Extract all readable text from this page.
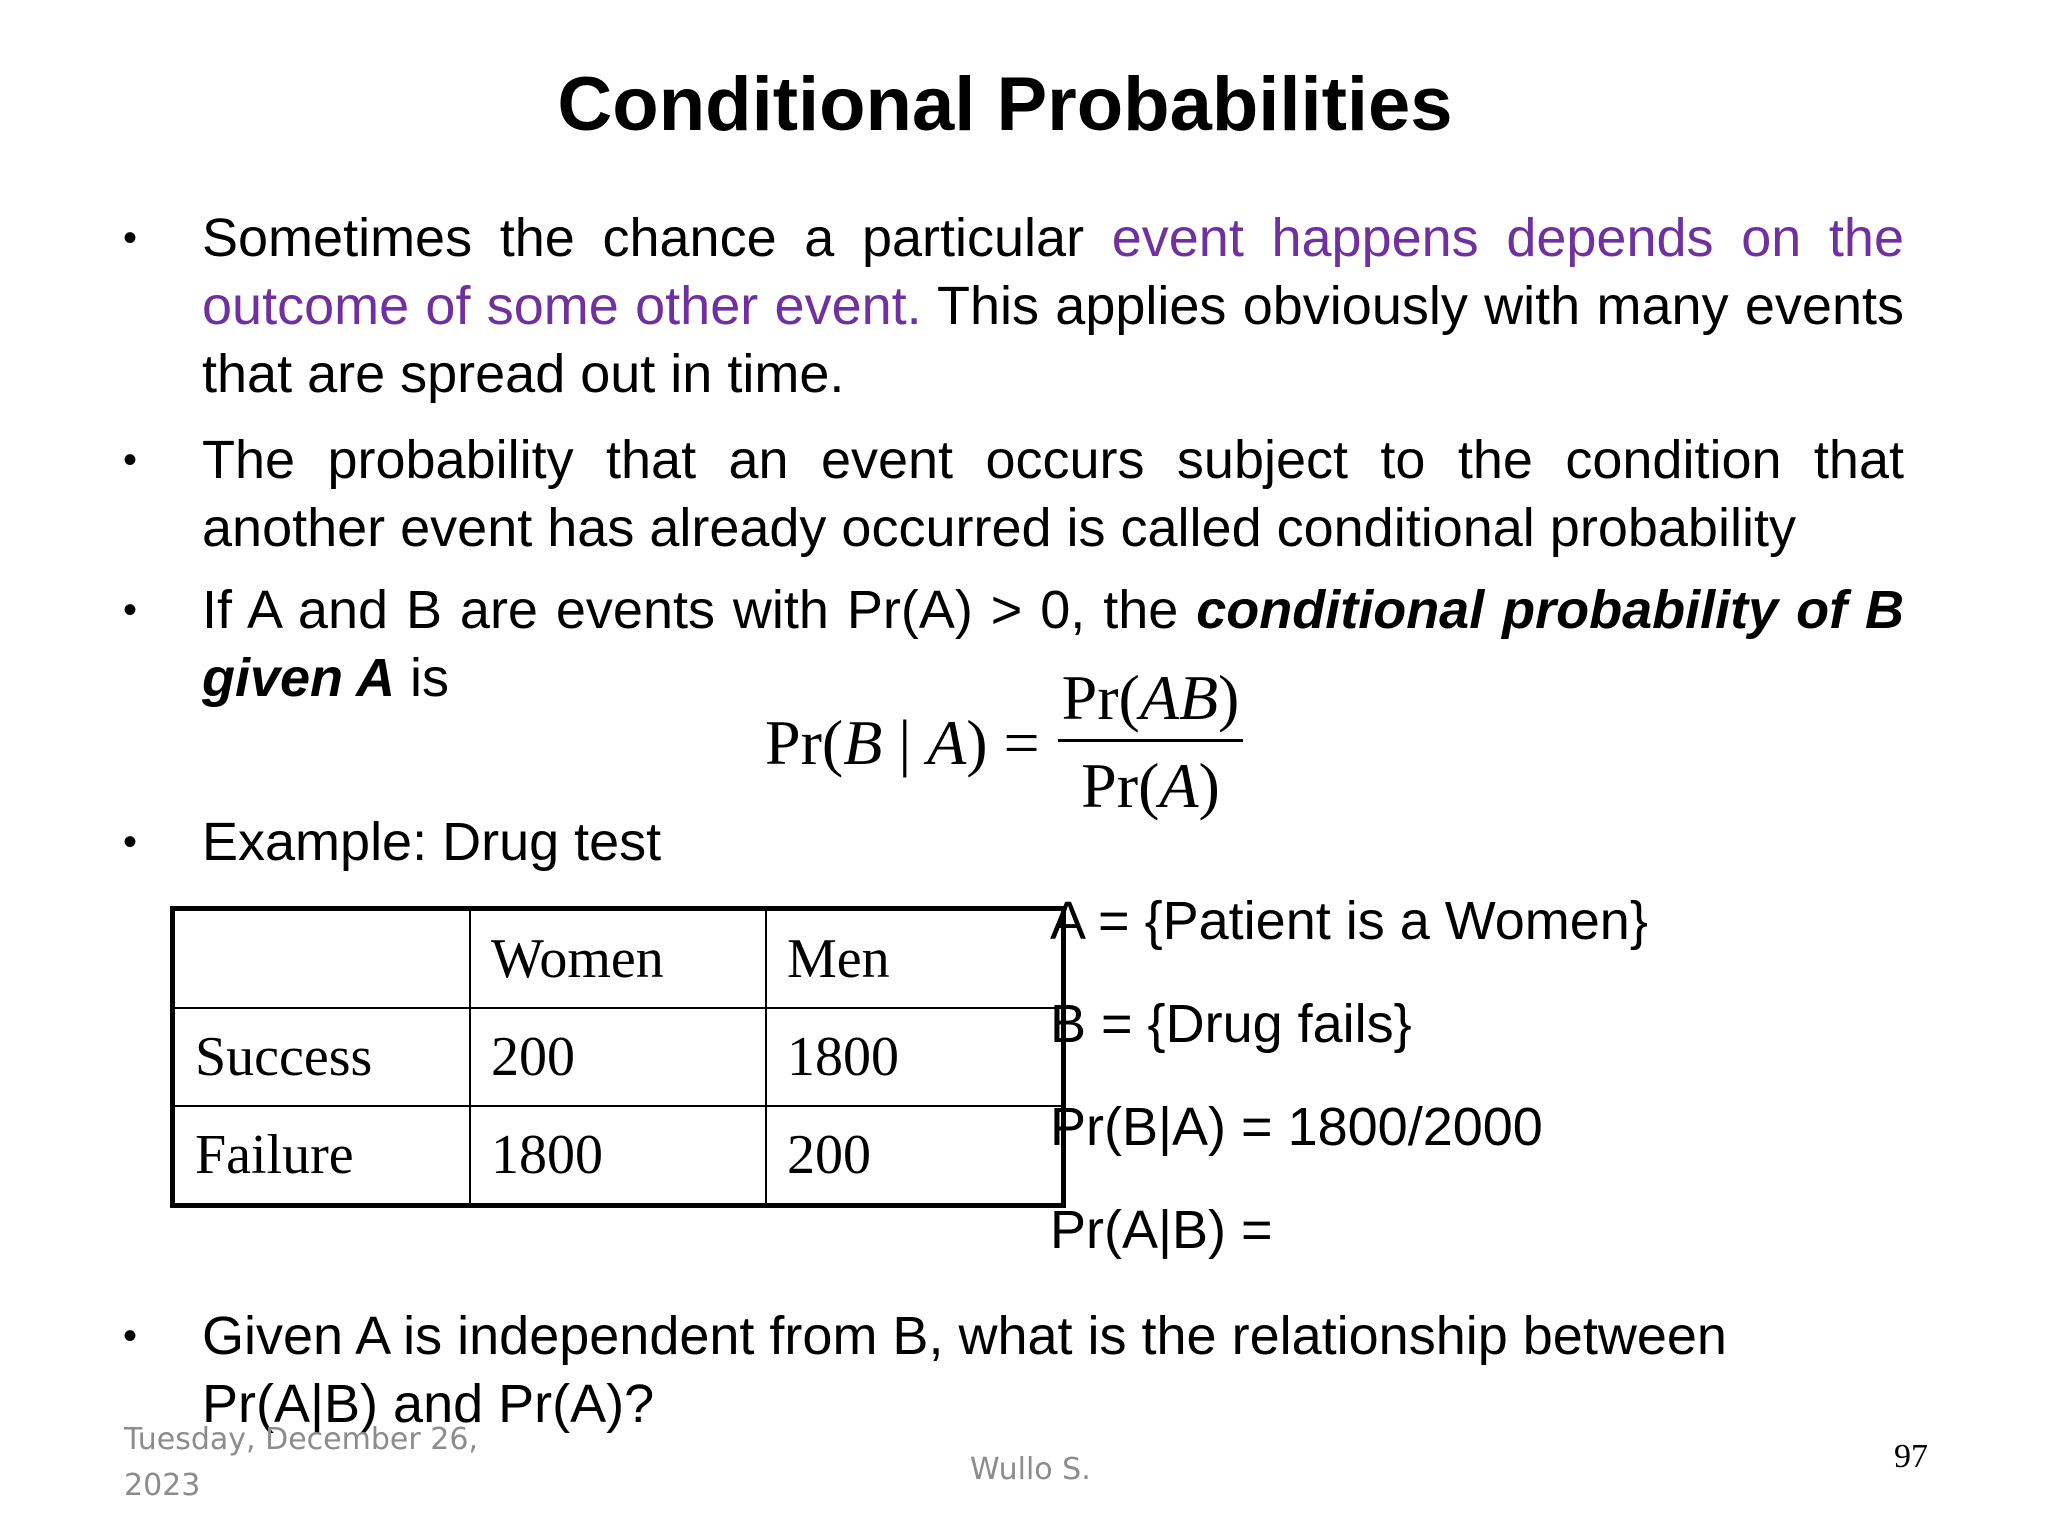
Conditional Probabilities
• Sometimes the chance a particular event happens depends on the outcome of some other event. This applies obviously with many events that are spread out in time.
• The probability that an event occurs subject to the condition that another event has already occurred is called conditional probability
• If A and B are events with Pr(A) > 0, the conditional probability of B given A is
Pr(B | $A) = \frac{Pr(AB)}{Pr(A)}$
• Example: Drug test
	Women	Men
Success	200	1800
Failure	1800	200
A = {Patient is a Women}
B = {Drug fails}
Pr(B|A) = 1800/2000
Pr(A|B) =
• Given A is independent from B, what is the relationship between Pr(A|B) and Pr(A)?
Tuesday, December 26, 2023	Wullo S.	97
